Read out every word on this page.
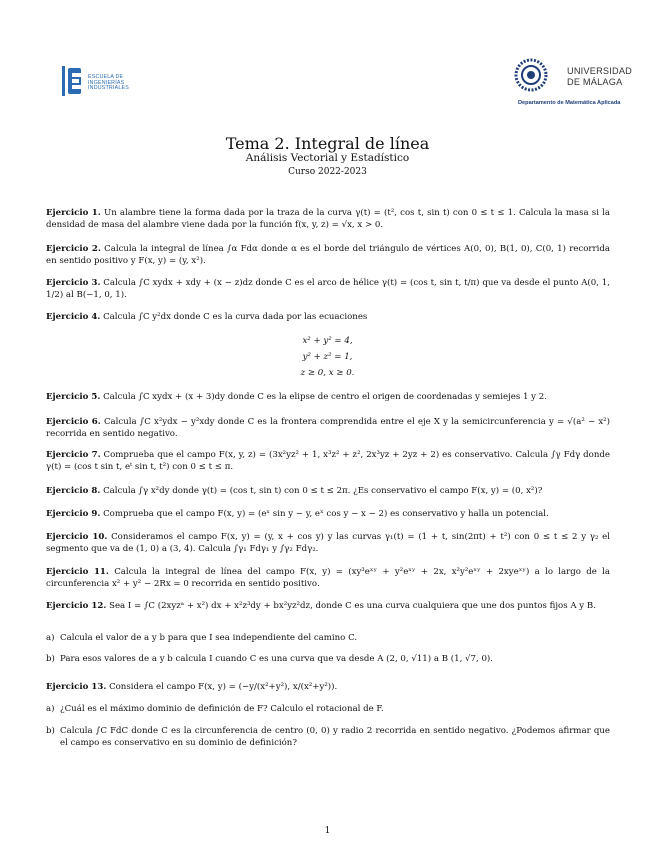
ESCUELA DE
INGENIERÍAS
INDUSTRIALES
UNIVERSIDAD
DE MÁLAGA
Departamento de Matemática Aplicada
Tema 2. Integral de línea
Análisis Vectorial y Estadístico
Curso 2022-2023
Ejercicio 1. Un alambre tiene la forma dada por la traza de la curva γ(t) = (t², cos t, sin t) con 0 ≤ t ≤ 1. Calcula la masa si la densidad de masa del alambre viene dada por la función f(x, y, z) = √x, x > 0.
Ejercicio 2. Calcula la integral de línea ∫α Fdα donde α es el borde del triángulo de vértices A(0, 0), B(1, 0), C(0, 1) recorrida en sentido positivo y F(x, y) = (y, x²).
Ejercicio 3. Calcula ∫C xydx + xdy + (x − z)dz donde C es el arco de hélice γ(t) = (cos t, sin t, t/π) que va desde el punto A(0, 1, 1/2) al B(−1, 0, 1).
Ejercicio 4. Calcula ∫C y²dx donde C es la curva dada por las ecuaciones
x² + y² = 4,
y² + z² = 1,
z ≥ 0, x ≥ 0.
Ejercicio 5. Calcula ∫C xydx + (x + 3)dy donde C es la elipse de centro el origen de coordenadas y semiejes 1 y 2.
Ejercicio 6. Calcula ∫C x²ydx − y²xdy donde C es la frontera comprendida entre el eje X y la semicircunferencia y = √(a² − x²) recorrida en sentido negativo.
Ejercicio 7. Comprueba que el campo F(x, y, z) = (3x²yz² + 1, x³z² + z², 2x³yz + 2yz + 2) es conservativo. Calcula ∫γ Fdγ donde γ(t) = (cos t sin t, eᵗ sin t, t²) con 0 ≤ t ≤ π.
Ejercicio 8. Calcula ∫γ x²dy donde γ(t) = (cos t, sin t) con 0 ≤ t ≤ 2π. ¿Es conservativo el campo F(x, y) = (0, x²)?
Ejercicio 9. Comprueba que el campo F(x, y) = (eˣ sin y − y, eˣ cos y − x − 2) es conservativo y halla un potencial.
Ejercicio 10. Consideramos el campo F(x, y) = (y, x + cos y) y las curvas γ₁(t) = (1 + t, sin(2πt) + t²) con 0 ≤ t ≤ 2 y γ₂ el segmento que va de (1, 0) a (3, 4). Calcula ∫γ₁ Fdγ₁ y ∫γ₂ Fdγ₂.
Ejercicio 11. Calcula la integral de línea del campo F(x, y) = (xy³eˣʸ + y²eˣʸ + 2x, x²y²eˣʸ + 2xyeˣʸ) a lo largo de la circunferencia x² + y² − 2Rx = 0 recorrida en sentido positivo.
Ejercicio 12. Sea I = ∫C (2xyzᵃ + x²) dx + x²z³dy + bx²yz²dz, donde C es una curva cualquiera que une dos puntos fijos A y B.
a) Calcula el valor de a y b para que I sea independiente del camino C.
b) Para esos valores de a y b calcula I cuando C es una curva que va desde A (2, 0, √11) a B (1, √7, 0).
Ejercicio 13. Considera el campo F(x, y) = (−y/(x²+y²), x/(x²+y²)).
a) ¿Cuál es el máximo dominio de definición de F? Calculo el rotacional de F.
b) Calcula ∫C FdC donde C es la circunferencia de centro (0, 0) y radio 2 recorrida en sentido negativo. ¿Podemos afirmar que el campo es conservativo en su dominio de definición?
1
